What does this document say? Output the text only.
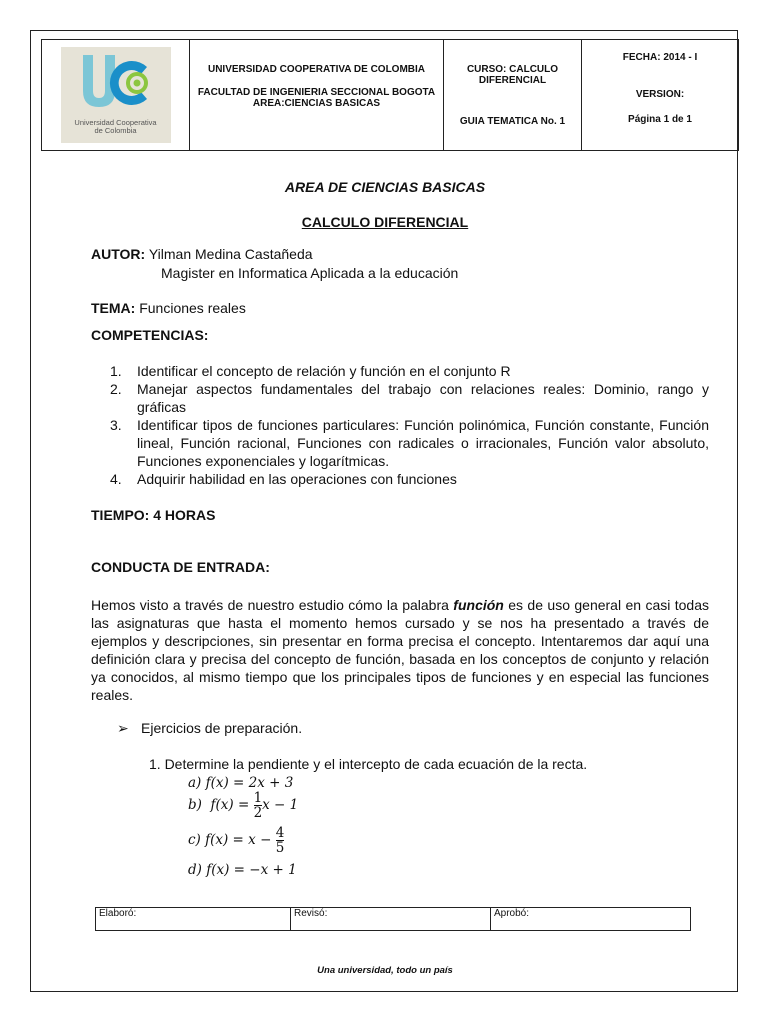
Universidad Cooperativa
de Colombia
UNIVERSIDAD COOPERATIVA DE COLOMBIA
FACULTAD DE INGENIERIA SECCIONAL BOGOTA
AREA:CIENCIAS BASICAS
CURSO: CALCULO
DIFERENCIAL
GUIA TEMATICA No. 1
FECHA: 2014 - I
VERSION:
Página 1 de 1
AREA DE CIENCIAS BASICAS
CALCULO DIFERENCIAL
AUTOR: Yilman Medina Castañeda
Magister en Informatica Aplicada a la educación
TEMA: Funciones reales
COMPETENCIAS:
1. Identificar el concepto de relación y función en el conjunto R
2. Manejar aspectos fundamentales del trabajo con relaciones reales: Dominio, rango y gráficas
3. Identificar tipos de funciones particulares: Función polinómica, Función constante, Función lineal, Función racional, Funciones con radicales o irracionales, Función valor absoluto, Funciones exponenciales y logarítmicas.
4. Adquirir habilidad en las operaciones con funciones
TIEMPO: 4 HORAS
CONDUCTA DE ENTRADA:
Hemos visto a través de nuestro estudio cómo la palabra función es de uso general en casi todas las asignaturas que hasta el momento hemos cursado y se nos ha presentado a través de ejemplos y descripciones, sin presentar en forma precisa el concepto. Intentaremos dar aquí una definición clara y precisa del concepto de función, basada en los conceptos de conjunto y relación ya conocidos, al mismo tiempo que los principales tipos de funciones y en especial las funciones reales.
➢ Ejercicios de preparación.
1. Determine la pendiente y el intercepto de cada ecuación de la recta.
a) f(x) = 2x + 3
b) $f(x) = \frac{1}{2}$ x − 1
c) $f(x) = x - \frac{4}{5}$
d) f(x) = −x + 1
Elaboró:	Revisó:	Aprobó:
Una universidad, todo un país
